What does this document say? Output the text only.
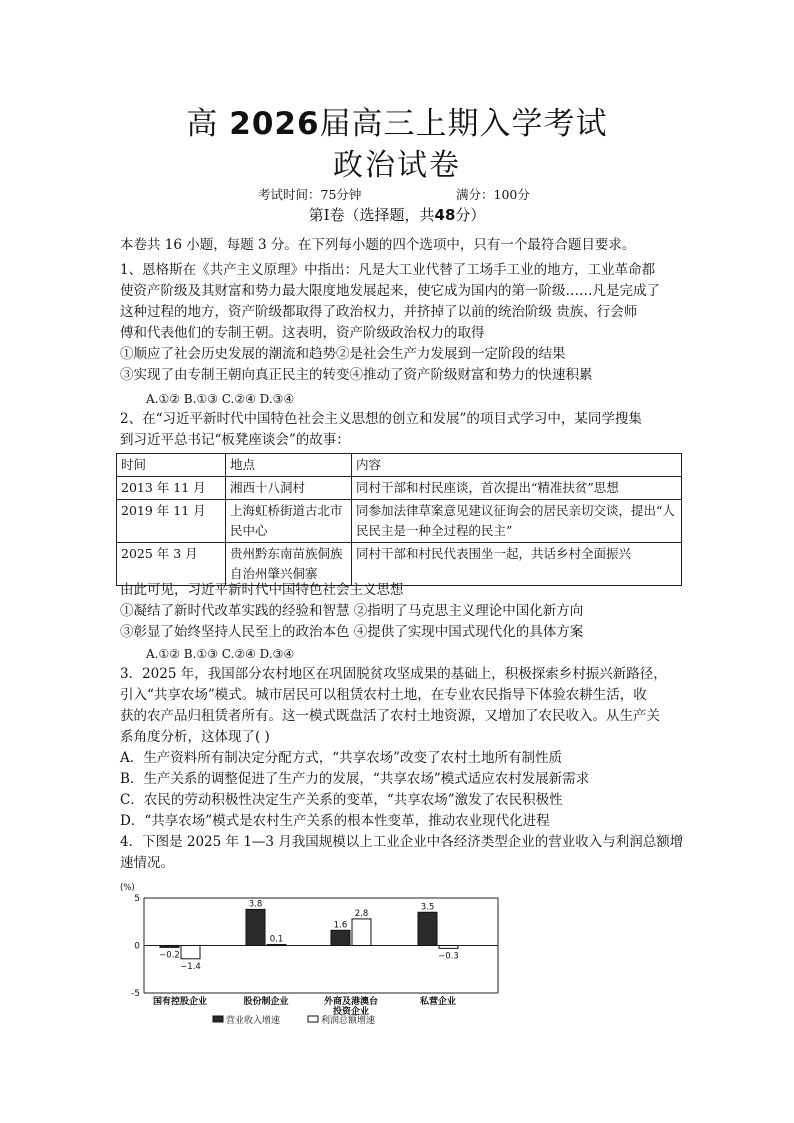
高 2026届高三上期入学考试
政治试卷
考试时间：75分钟	满分：100分
第Ⅰ卷（选择题，共48分）
本卷共 16 小题，每题 3 分。在下列每小题的四个选项中，只有一个最符合题目要求。
1、恩格斯在《共产主义原理》中指出：凡是大工业代替了工场手工业的地方，工业革命都
使资产阶级及其财富和势力最大限度地发展起来，使它成为国内的第一阶级……凡是完成了
这种过程的地方，资产阶级都取得了政治权力，并挤掉了以前的统治阶级 贵族、行会师
傅和代表他们的专制王朝。这表明，资产阶级政治权力的取得
①顺应了社会历史发展的潮流和趋势②是社会生产力发展到一定阶段的结果
③实现了由专制王朝向真正民主的转变④推动了资产阶级财富和势力的快速积累
A.①② B.①③ C.②④ D.③④
2、在“习近平新时代中国特色社会主义思想的创立和发展”的项目式学习中，某同学搜集
到习近平总书记“板凳座谈会”的故事：
时间	地点	内容
2013 年 11 月	湘西十八洞村	同村干部和村民座谈，首次提出“精准扶贫”思想
2019 年 11 月	上海虹桥街道古北市民中心	同参加法律草案意见建议征询会的居民亲切交谈，提出“人民民主是一种全过程的民主”
2025 年 3 月	贵州黔东南苗族侗族自治州肇兴侗寨	同村干部和村民代表围坐一起，共话乡村全面振兴
由此可见，习近平新时代中国特色社会主义思想
①凝结了新时代改革实践的经验和智慧 ②指明了马克思主义理论中国化新方向
③彰显了始终坚持人民至上的政治本色 ④提供了实现中国式现代化的具体方案
A.①② B.①③ C.②④ D.③④
3．2025 年，我国部分农村地区在巩固脱贫攻坚成果的基础上，积极探索乡村振兴新路径，
引入“共享农场”模式。城市居民可以租赁农村土地，在专业农民指导下体验农耕生活，收
获的农产品归租赁者所有。这一模式既盘活了农村土地资源，又增加了农民收入。从生产关
系角度分析，这体现了( )
A．生产资料所有制决定分配方式，“共享农场”改变了农村土地所有制性质
B．生产关系的调整促进了生产力的发展，“共享农场”模式适应农村发展新需求
C．农民的劳动积极性决定生产关系的变革，“共享农场”激发了农民积极性
D．“共享农场”模式是农村生产关系的根本性变革，推动农业现代化进程
4．下图是 2025 年 1—3 月我国规模以上工业企业中各经济类型企业的营业收入与利润总额增
速情况。
(%)
5
0
-5
−0.2
−1.4
国有控股企业
3.8
0.1
股份制企业
1.6
2.8
外商及港澳台
投资企业
3.5
−0.3
私营企业
营业收入增速	利润总额增速
